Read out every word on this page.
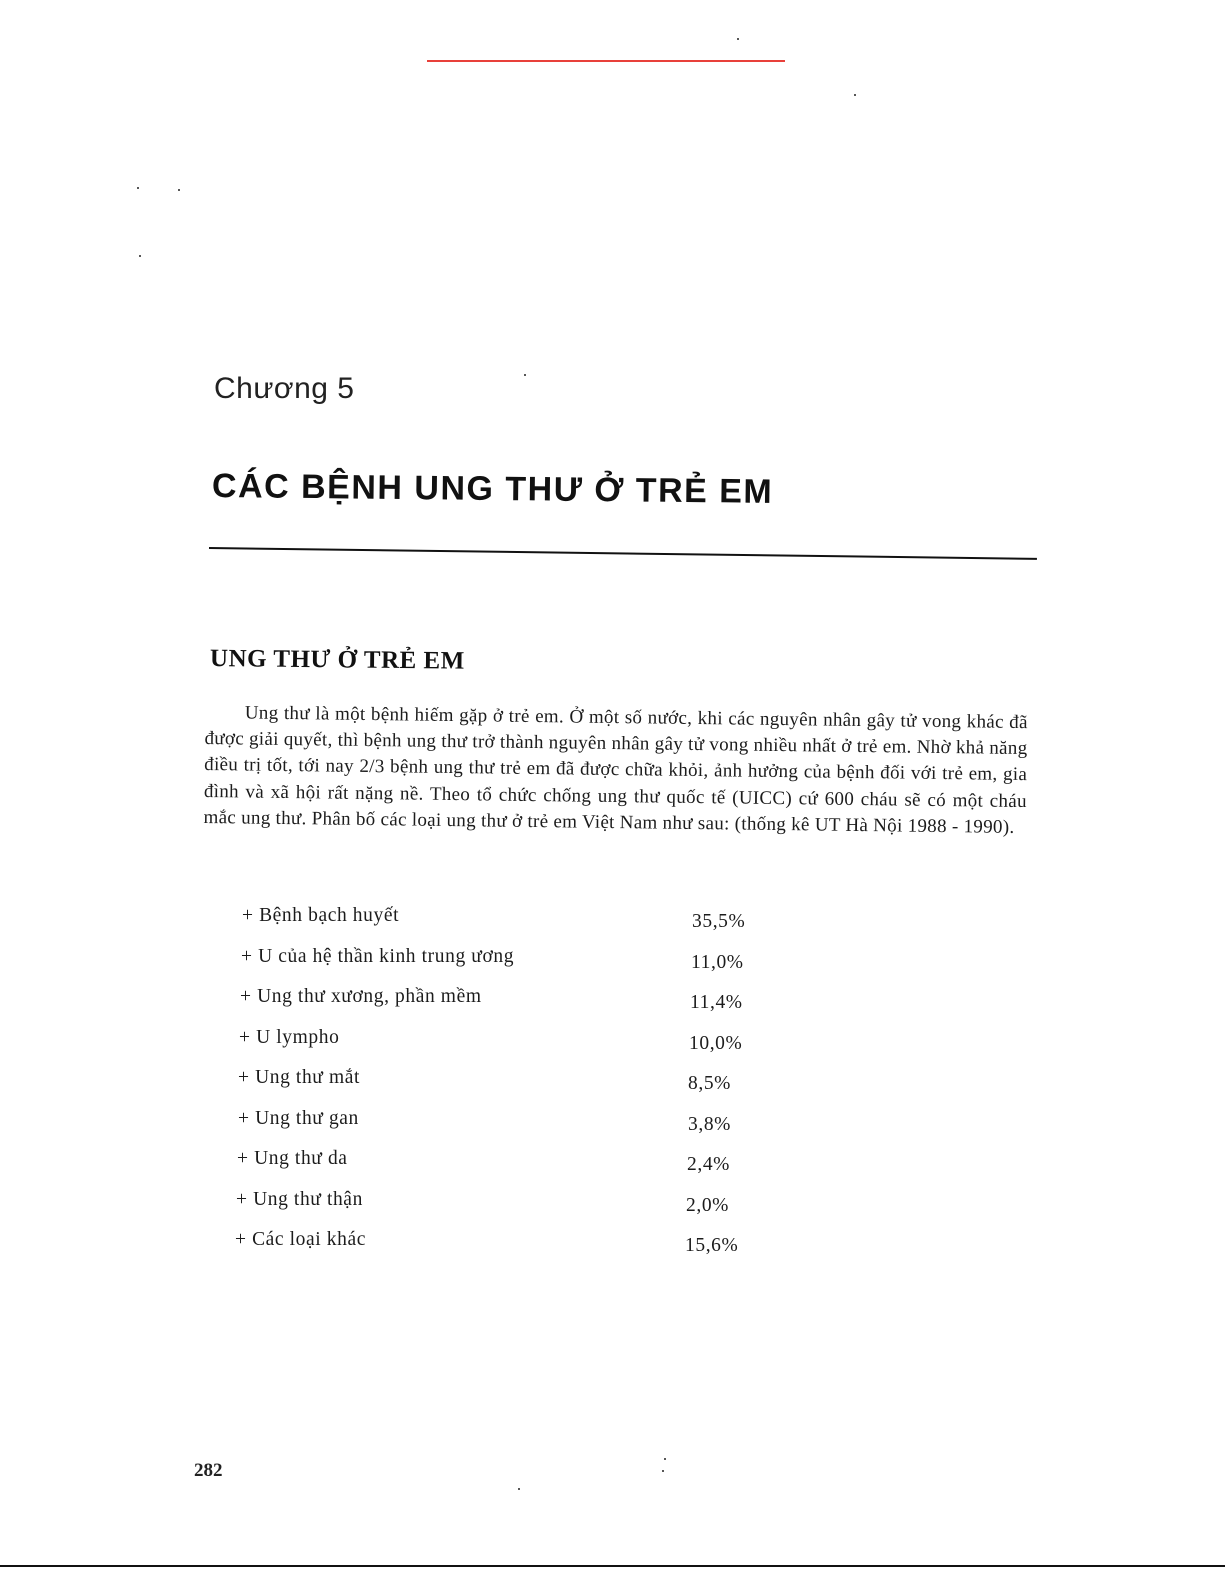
Chương 5
CÁC BỆNH UNG THƯ Ở TRẺ EM
UNG THƯ Ở TRẺ EM

Ung thư là một bệnh hiếm gặp ở trẻ em. Ở một số nước, khi các nguyên nhân gây tử vong khác đã được giải quyết, thì bệnh ung thư trở thành nguyên nhân gây tử vong nhiều nhất ở trẻ em. Nhờ khả năng điều trị tốt, tới nay 2/3 bệnh ung thư trẻ em đã được chữa khỏi, ảnh hưởng của bệnh đối với trẻ em, gia đình và xã hội rất nặng nề. Theo tổ chức chống ung thư quốc tế (UICC) cứ 600 cháu sẽ có một cháu mắc ung thư. Phân bố các loại ung thư ở trẻ em Việt Nam như sau: (thống kê UT Hà Nội 1988 - 1990).

+ Bệnh bạch huyết	35,5%
+ U của hệ thần kinh trung ương	11,0%
+ Ung thư xương, phần mềm	11,4%
+ U lympho	10,0%
+ Ung thư mắt	8,5%
+ Ung thư gan	3,8%
+ Ung thư da	2,4%
+ Ung thư thận	2,0%
+ Các loại khác	15,6%

282
